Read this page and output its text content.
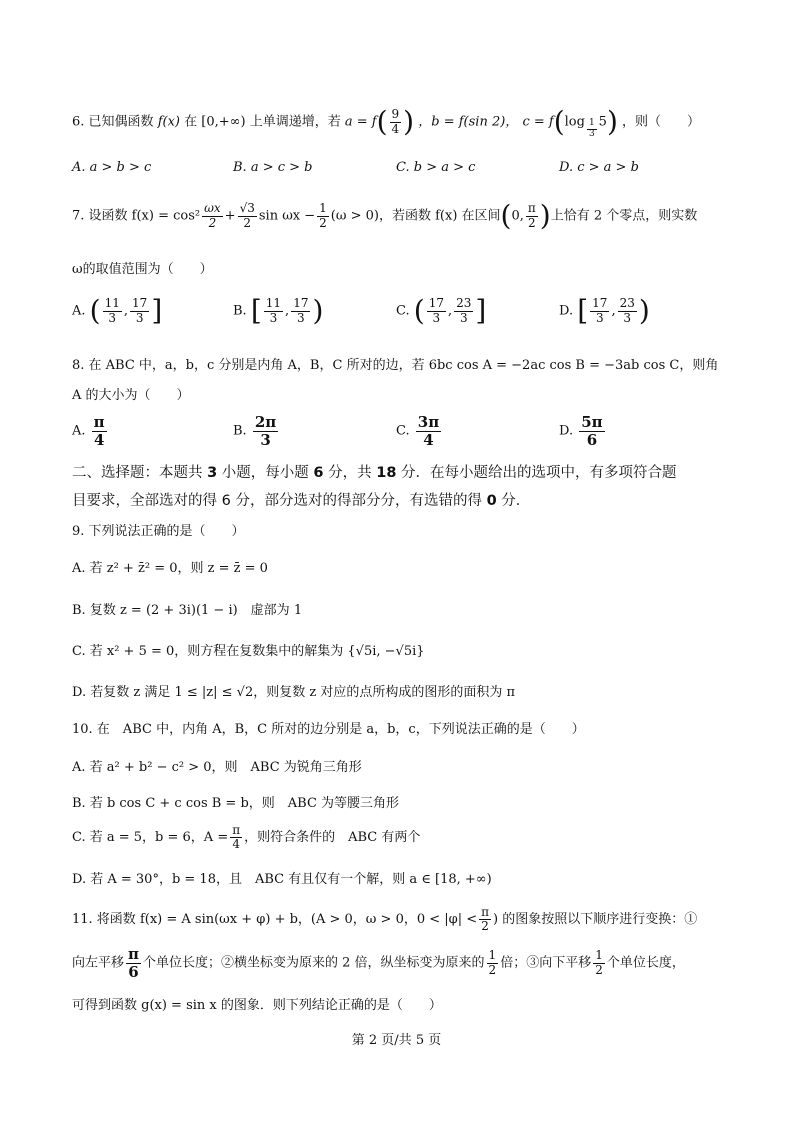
6. 已知偶函数 f(x) 在 [0,+∞) 上单调递增，若 $a = f( \frac{9}{4}$ ) ，b = f(sin 2)， $c = f(\log \frac{1}{3} 5)$ ，则（　　）
A. a > b > c	B. a > c > b	C. b > a > c	D. c > a > b
7. 设函数 $f(x) = \cos^2 \frac{\omega x}{2} + \frac{√3}{2}$ $\sin \omega x - \frac{1}{2} (\omega > 0)$，若函数 f(x) 在区间(0, $\frac{\pi}{2}$ )上恰有 2 个零点，则实数
ω的取值范围为（　　）
A. ( $\frac{11}{3}$ , $\frac{17}{3}$ ]	B. [ $\frac{11}{3}$ , $\frac{17}{3}$ )	C. ( $\frac{17}{3}$ , $\frac{23}{3}$ ]	D. [ $\frac{17}{3}$ , $\frac{23}{3}$ )
8. 在 ABC 中，a，b，c 分别是内角 A，B，C 所对的边，若 6bc cos A = −2ac cos B = −3ab cos C，则角
A 的大小为（　　）
A. $\frac{\pi}{4}$	B. $\frac{2\pi}{3}$	C. $\frac{3\pi}{4}$	D. $\frac{5\pi}{6}$
二、选择题：本题共 3 小题，每小题 6 分，共 18 分．在每小题给出的选项中，有多项符合题
目要求，全部选对的得 6 分，部分选对的得部分分，有选错的得 0 分．
9. 下列说法正确的是（　　）
A. 若 z² + z̄² = 0，则 z = z̄ = 0
B. 复数 z = (2 + 3i)(1 − i)　虚部为 1
C. 若 x² + 5 = 0，则方程在复数集中的解集为 {√5i, −√5i}
D. 若复数 z 满足 1 ≤ |z| ≤ √2，则复数 z 对应的点所构成的图形的面积为 π
10. 在　ABC 中，内角 A，B，C 所对的边分别是 a，b，c，下列说法正确的是（　　）
A. 若 a² + b² − c² > 0，则　ABC 为锐角三角形
B. 若 b cos C + c cos B = b，则　ABC 为等腰三角形
C. 若 a = 5，b = 6，$A = \frac{\pi}{4}$ ，则符合条件的　ABC 有两个
D. 若 A = 30°，b = 18，且　ABC 有且仅有一个解，则 a ∈ [18, +∞)
11. 将函数 f(x) = A sin(ωx + φ) + b，(A > 0，ω > 0，$0 < |\varphi| < \frac{\pi}{2}$ ) 的图象按照以下顺序进行变换：①
向左平移 $\frac{\pi}{6}$ 个单位长度；②横坐标变为原来的 2 倍，纵坐标变为原来的 $\frac{1}{2}$ 倍；③向下平移 $\frac{1}{2}$ 个单位长度，
可得到函数 g(x) = sin x 的图象．则下列结论正确的是（　　）
第 2 页/共 5 页
